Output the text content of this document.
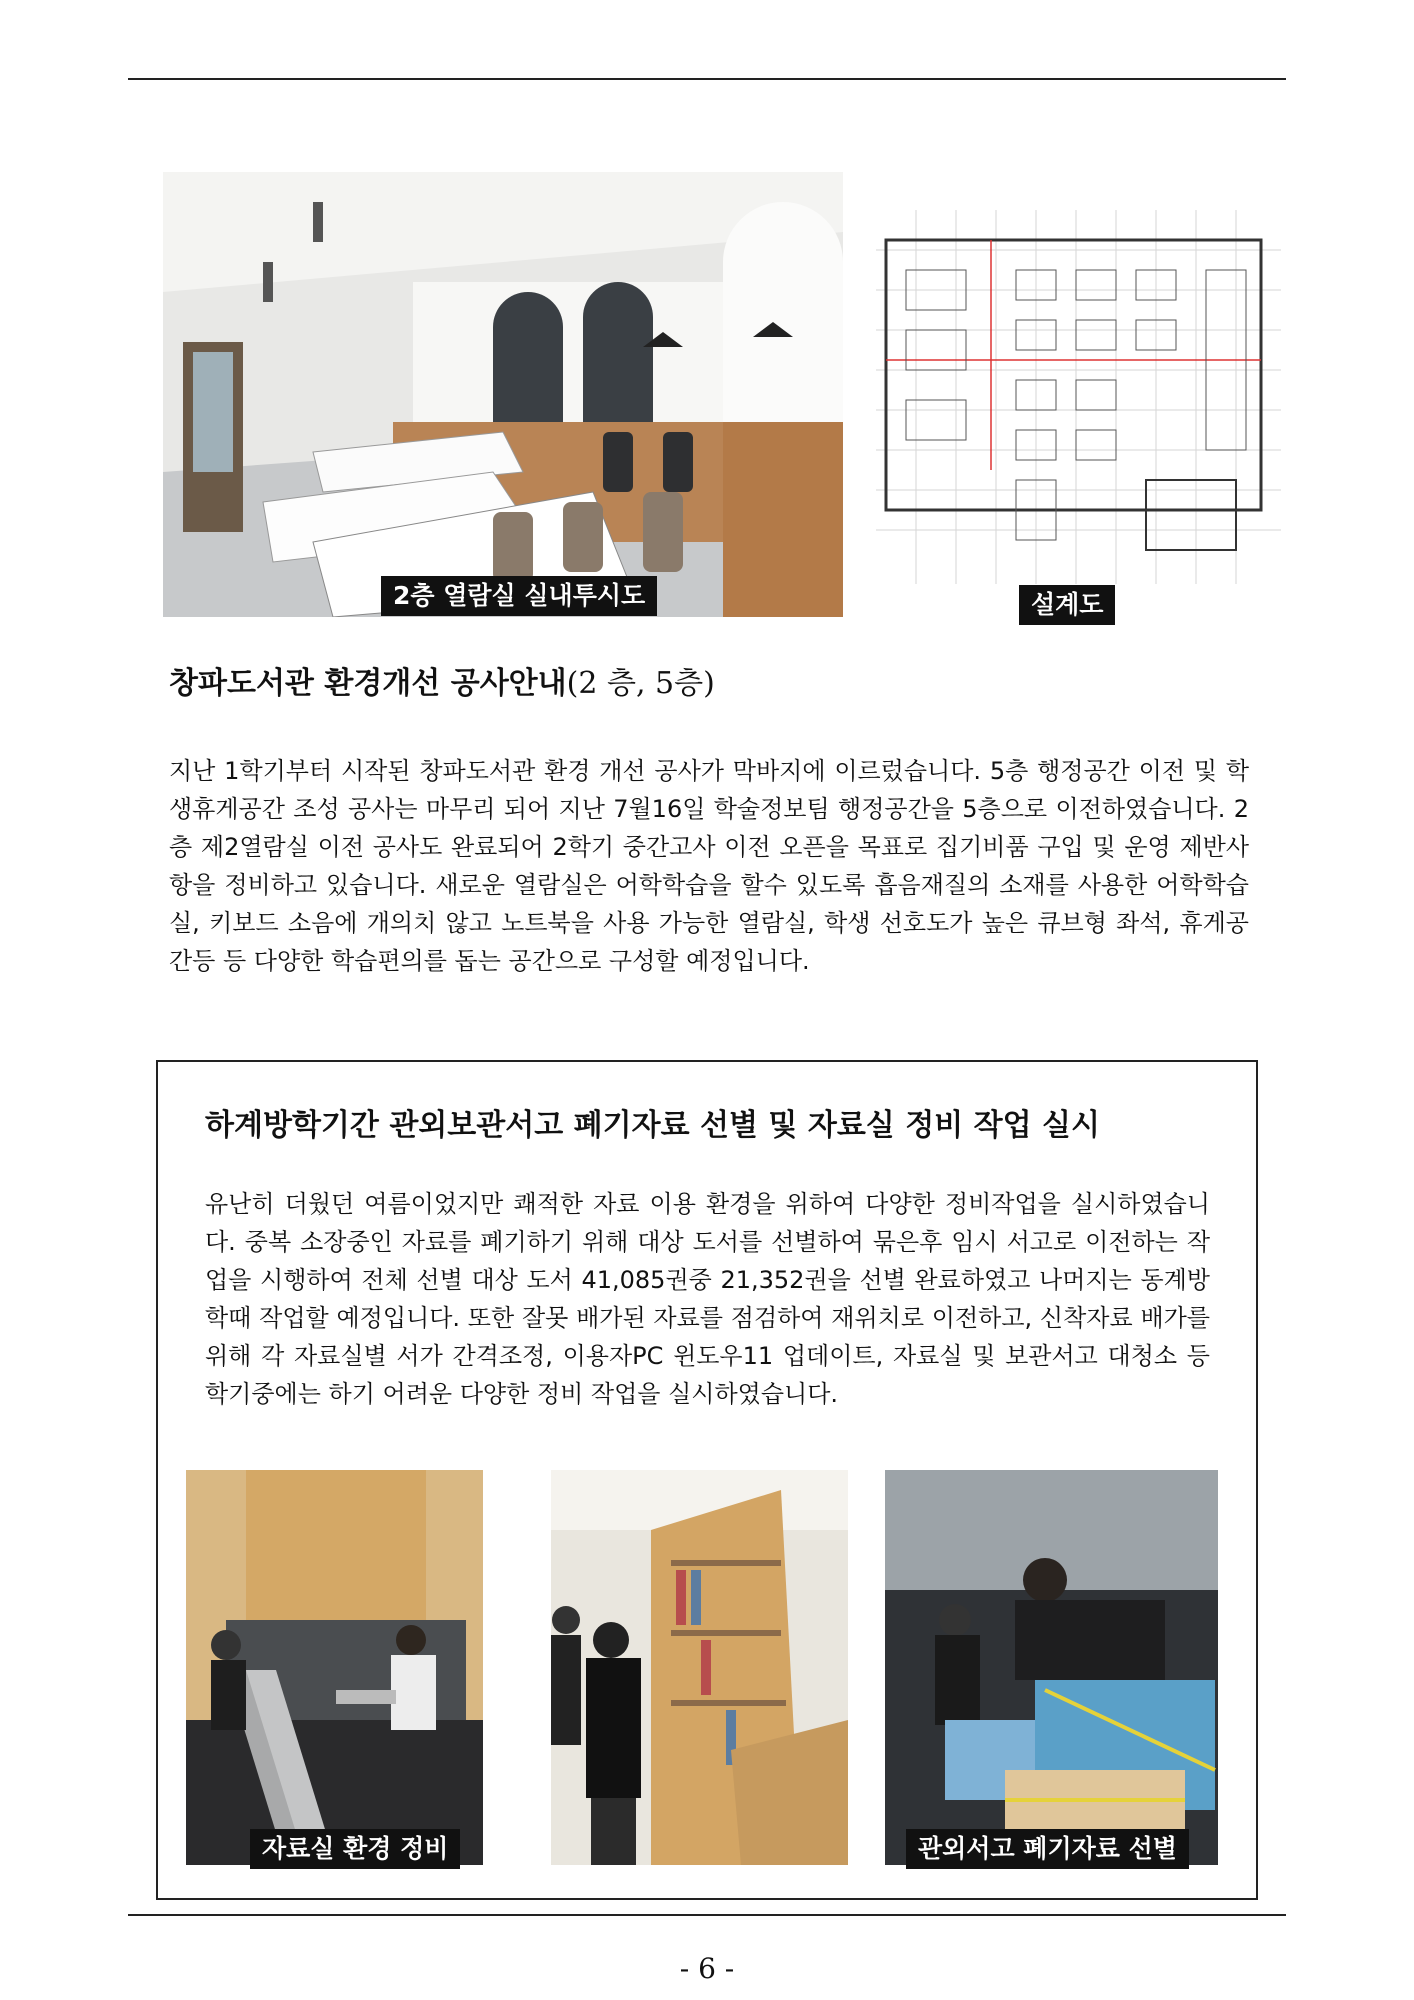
2층 열람실 실내투시도	설계도
창파도서관 환경개선 공사안내(2 층, 5층)
지난 1학기부터 시작된 창파도서관 환경 개선 공사가 막바지에 이르렀습니다. 5층 행정공간 이전 및 학생휴게공간 조성 공사는 마무리 되어 지난 7월16일 학술정보팀 행정공간을 5층으로 이전하였습니다. 2층 제2열람실 이전 공사도 완료되어 2학기 중간고사 이전 오픈을 목표로 집기비품 구입 및 운영 제반사항을 정비하고 있습니다. 새로운 열람실은 어학학습을 할수 있도록 흡음재질의 소재를 사용한 어학학습실, 키보드 소음에 개의치 않고 노트북을 사용 가능한 열람실, 학생 선호도가 높은 큐브형 좌석, 휴게공간등 등 다양한 학습편의를 돕는 공간으로 구성할 예정입니다.
하계방학기간 관외보관서고 폐기자료 선별 및 자료실 정비 작업 실시
유난히 더웠던 여름이었지만 쾌적한 자료 이용 환경을 위하여 다양한 정비작업을 실시하였습니다. 중복 소장중인 자료를 폐기하기 위해 대상 도서를 선별하여 묶은후 임시 서고로 이전하는 작업을 시행하여 전체 선별 대상 도서 41,085권중 21,352권을 선별 완료하였고 나머지는 동계방학때 작업할 예정입니다. 또한 잘못 배가된 자료를 점검하여 재위치로 이전하고, 신착자료 배가를 위해 각 자료실별 서가 간격조정, 이용자PC 윈도우11 업데이트, 자료실 및 보관서고 대청소 등 학기중에는 하기 어려운 다양한 정비 작업을 실시하였습니다.
자료실 환경 정비	관외서고 폐기자료 선별
- 6 -
